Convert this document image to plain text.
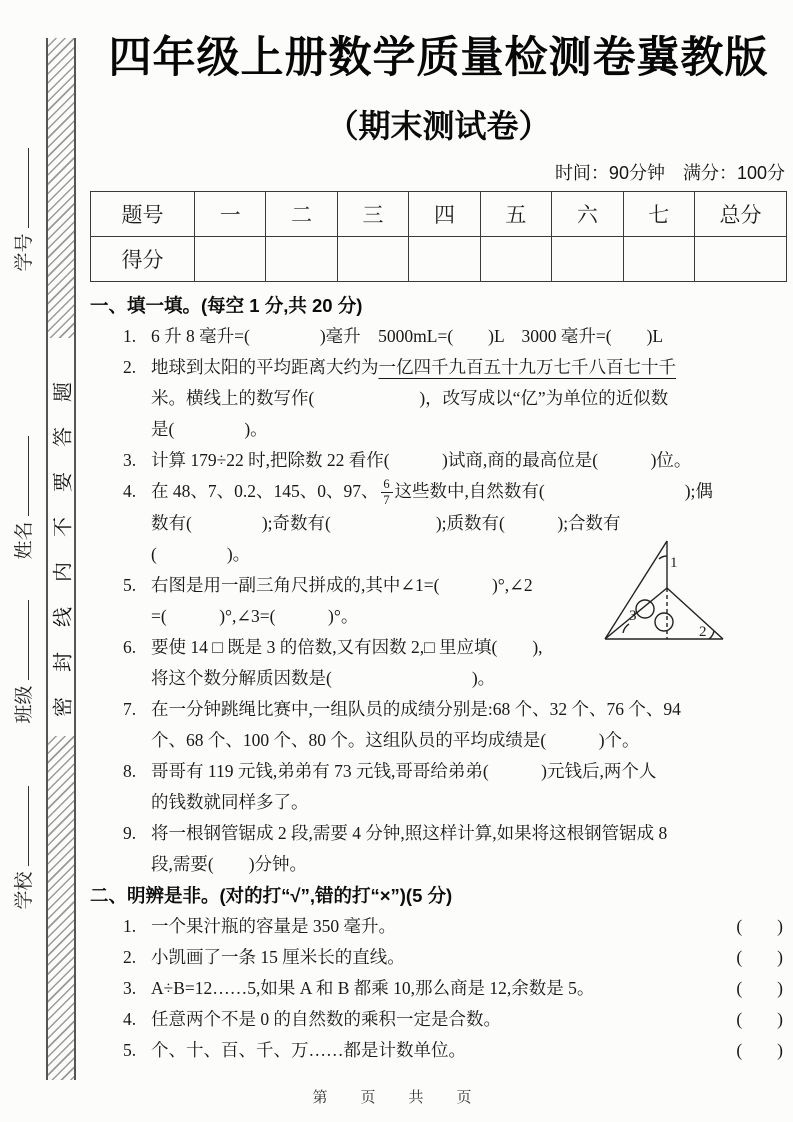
学号
姓名
班级
学校
密封线内不要答题
四年级上册数学质量检测卷冀教版
（期末测试卷）
时间：90分钟　满分：100分
题号	一	二	三	四	五	六	七	总分
得分								
一、填一填。(每空 1 分,共 20 分)
1. 6 升 8 毫升=(　　　　)毫升　5000mL=(　　)L　3000 毫升=(　　)L
2. 地球到太阳的平均距离大约为一亿四千九百五十九万七千八百七十千
米。横线上的数写作(　　　　　　)，改写成以“亿”为单位的近似数
是(　　　　)。
3. 计算 179÷22 时,把除数 22 看作(　　　)试商,商的最高位是(　　　)位。
4. 在 48、7、0.2、145、0、97、 $\frac{6}{7}$ 这些数中,自然数有(　　　　　　　　);偶
数有(　　　　);奇数有(　　　　　　);质数有(　　　);合数有
(　　　　)。
5. 右图是用一副三角尺拼成的,其中∠1=(　　　)°,∠2
=(　　　)°,∠3=(　　　)°。
6. 要使 14 □ 既是 3 的倍数,又有因数 2,□ 里应填(　　),
将这个数分解质因数是(　　　　　　　　)。
7. 在一分钟跳绳比赛中,一组队员的成绩分别是:68 个、32 个、76 个、94
个、68 个、100 个、80 个。这组队员的平均成绩是(　　　)个。
8. 哥哥有 119 元钱,弟弟有 73 元钱,哥哥给弟弟(　　　)元钱后,两个人
的钱数就同样多了。
9. 将一根钢管锯成 2 段,需要 4 分钟,照这样计算,如果将这根钢管锯成 8
段,需要(　　)分钟。
1
3
2
二、明辨是非。(对的打“√”,错的打“×”)(5 分)
1. 一个果汁瓶的容量是 350 毫升。	(　　)
2. 小凯画了一条 15 厘米长的直线。	(　　)
3. A÷B=12……5,如果 A 和 B 都乘 10,那么商是 12,余数是 5。	(　　)
4. 任意两个不是 0 的自然数的乘积一定是合数。	(　　)
5. 个、十、百、千、万……都是计数单位。	(　　)
第　页　共　页
